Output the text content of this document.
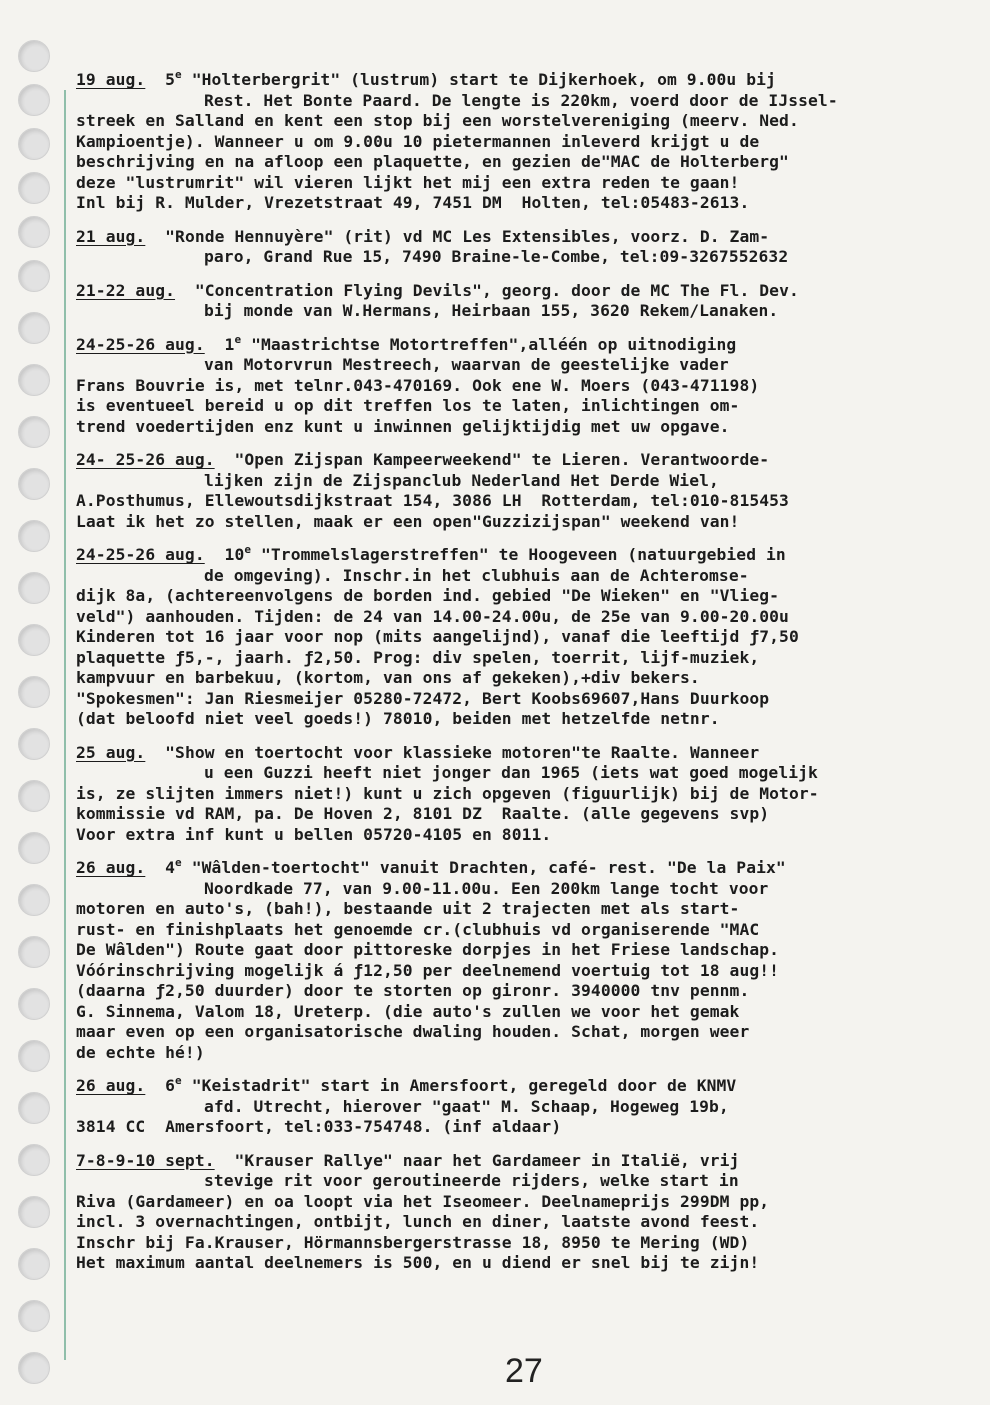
19 aug. 5e "Holterbergrit" (lustrum) start te Dijkerhoek, om 9.00u bij
Rest. Het Bonte Paard. De lengte is 220km, voerd door de IJssel-
streek en Salland en kent een stop bij een worstelvereniging (meerv. Ned.
Kampioentje). Wanneer u om 9.00u 10 pietermannen inleverd krijgt u de
beschrijving en na afloop een plaquette, en gezien de"MAC de Holterberg"
deze "lustrumrit" wil vieren lijkt het mij een extra reden te gaan!
Inl bij R. Mulder, Vrezetstraat 49, 7451 DM  Holten, tel:05483-2613.
21 aug. "Ronde Hennuyère" (rit) vd MC Les Extensibles, voorz. D. Zam-
paro, Grand Rue 15, 7490 Braine-le-Combe, tel:09-3267552632
21-22 aug. "Concentration Flying Devils", georg. door de MC The Fl. Dev.
bij monde van W.Hermans, Heirbaan 155, 3620 Rekem/Lanaken.
24-25-26 aug. 1e "Maastrichtse Motortreffen",alléén op uitnodiging
van Motorvrun Mestreech, waarvan de geestelijke vader
Frans Bouvrie is, met telnr.043-470169. Ook ene W. Moers (043-471198)
is eventueel bereid u op dit treffen los te laten, inlichtingen om-
trend voedertijden enz kunt u inwinnen gelijktijdig met uw opgave.
24- 25-26 aug. "Open Zijspan Kampeerweekend" te Lieren. Verantwoorde-
lijken zijn de Zijspanclub Nederland Het Derde Wiel,
A.Posthumus, Ellewoutsdijkstraat 154, 3086 LH  Rotterdam, tel:010-815453
Laat ik het zo stellen, maak er een open"Guzzizijspan" weekend van!
24-25-26 aug. 10e "Trommelslagerstreffen" te Hoogeveen (natuurgebied in
de omgeving). Inschr.in het clubhuis aan de Achteromse-
dijk 8a, (achtereenvolgens de borden ind. gebied "De Wieken" en "Vlieg-
veld") aanhouden. Tijden: de 24 van 14.00-24.00u, de 25e van 9.00-20.00u
Kinderen tot 16 jaar voor nop (mits aangelijnd), vanaf die leeftijd ƒ7,50
plaquette ƒ5,-, jaarh. ƒ2,50. Prog: div spelen, toerrit, lijf-muziek,
kampvuur en barbekuu, (kortom, van ons af gekeken),+div bekers.
"Spokesmen": Jan Riesmeijer 05280-72472, Bert Koobs69607,Hans Duurkoop
(dat beloofd niet veel goeds!) 78010, beiden met hetzelfde netnr.
25 aug. "Show en toertocht voor klassieke motoren"te Raalte. Wanneer
u een Guzzi heeft niet jonger dan 1965 (iets wat goed mogelijk
is, ze slijten immers niet!) kunt u zich opgeven (figuurlijk) bij de Motor-
kommissie vd RAM, pa. De Hoven 2, 8101 DZ  Raalte. (alle gegevens svp)
Voor extra inf kunt u bellen 05720-4105 en 8011.
26 aug. 4e "Wâlden-toertocht" vanuit Drachten, café- rest. "De la Paix"
Noordkade 77, van 9.00-11.00u. Een 200km lange tocht voor
motoren en auto's, (bah!), bestaande uit 2 trajecten met als start-
rust- en finishplaats het genoemde cr.(clubhuis vd organiserende "MAC
De Wâlden") Route gaat door pittoreske dorpjes in het Friese landschap.
Vóórinschrijving mogelijk á ƒ12,50 per deelnemend voertuig tot 18 aug!!
(daarna ƒ2,50 duurder) door te storten op gironr. 3940000 tnv pennm.
G. Sinnema, Valom 18, Ureterp. (die auto's zullen we voor het gemak
maar even op een organisatorische dwaling houden. Schat, morgen weer
de echte hé!)
26 aug. 6e "Keistadrit" start in Amersfoort, geregeld door de KNMV
afd. Utrecht, hierover "gaat" M. Schaap, Hogeweg 19b,
3814 CC Amersfoort, tel:033-754748. (inf aldaar)
7-8-9-10 sept. "Krauser Rallye" naar het Gardameer in Italië, vrij
stevige rit voor geroutineerde rijders, welke start in
Riva (Gardameer) en oa loopt via het Iseomeer. Deelnameprijs 299DM pp,
incl. 3 overnachtingen, ontbijt, lunch en diner, laatste avond feest.
Inschr bij Fa.Krauser, Hörmannsbergerstrasse 18, 8950 te Mering (WD)
Het maximum aantal deelnemers is 500, en u diend er snel bij te zijn!
27
